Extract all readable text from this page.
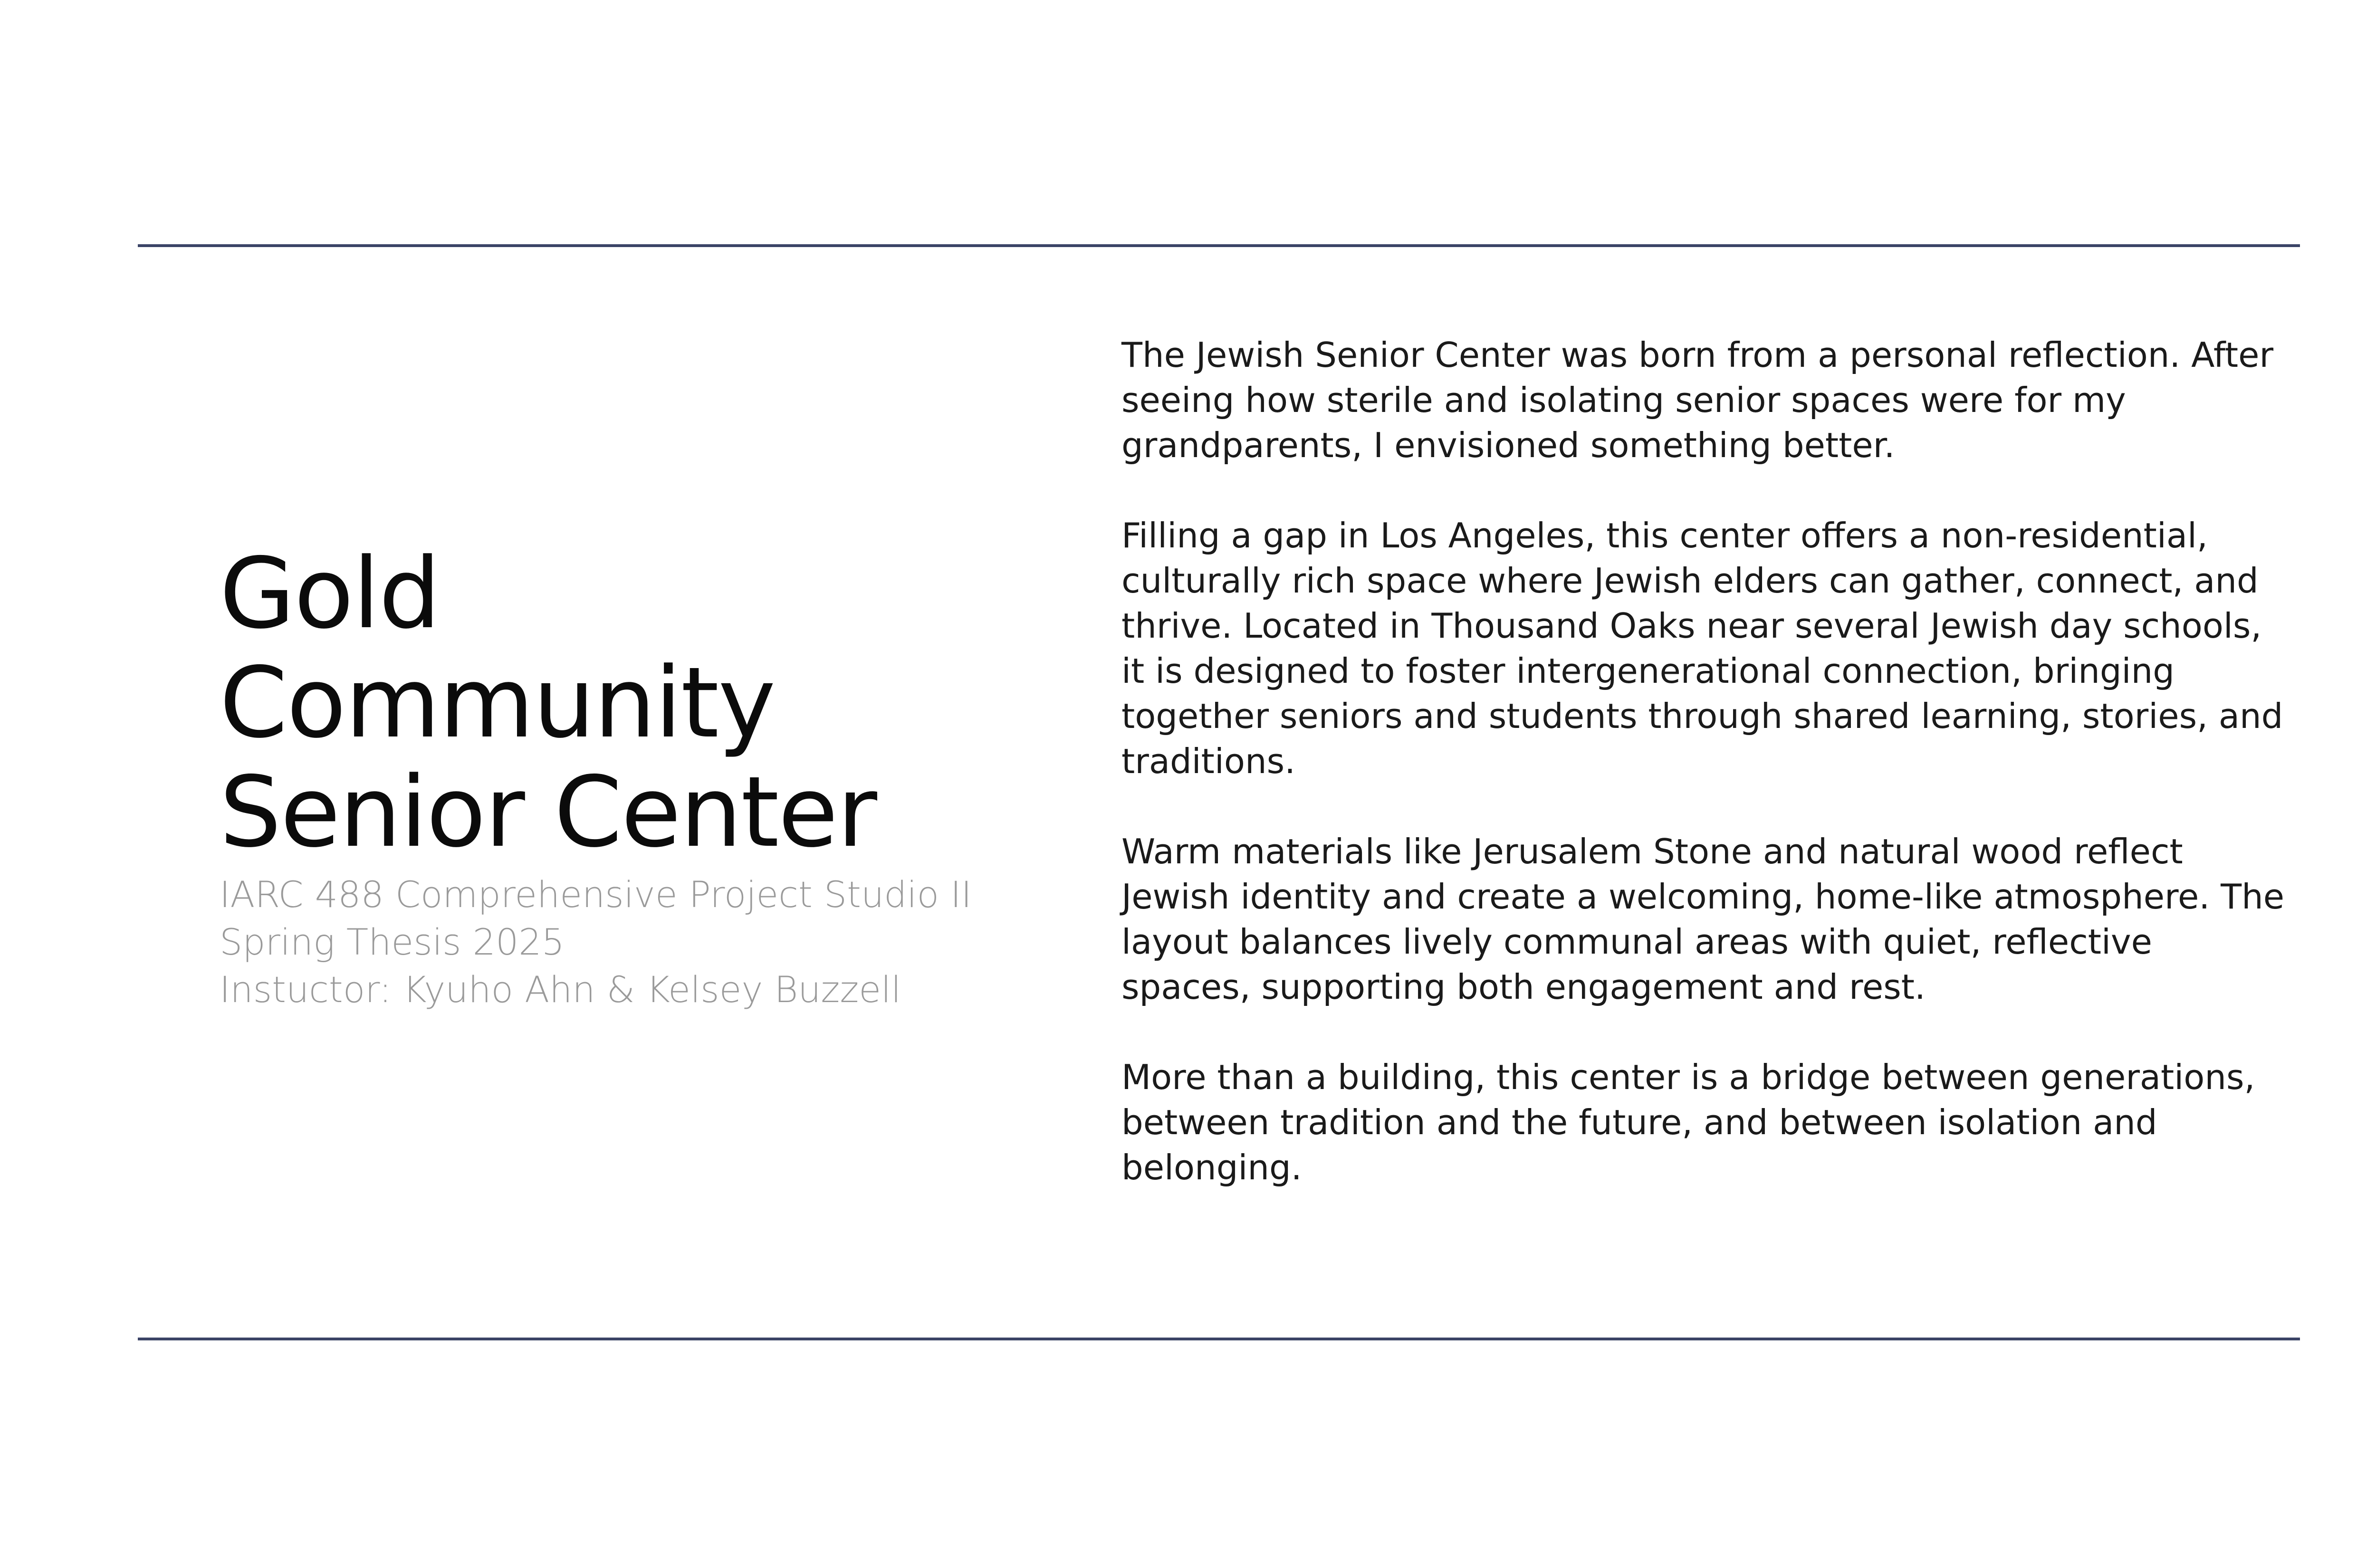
Gold
Community
Senior Center
IARC 488 Comprehensive Project Studio II
Spring Thesis 2025
Instuctor: Kyuho Ahn & Kelsey Buzzell

The Jewish Senior Center was born from a personal reflection. After seeing how sterile and isolating senior spaces were for my grandparents, I envisioned something better.

Filling a gap in Los Angeles, this center offers a non-residential, culturally rich space where Jewish elders can gather, connect, and thrive. Located in Thousand Oaks near several Jewish day schools, it is designed to foster intergenerational connection, bringing together seniors and students through shared learning, stories, and traditions.

Warm materials like Jerusalem Stone and natural wood reflect Jewish identity and create a welcoming, home-like atmosphere. The layout balances lively communal areas with quiet, reflective spaces, supporting both engagement and rest.

More than a building, this center is a bridge between generations, between tradition and the future, and between isolation and belonging.
